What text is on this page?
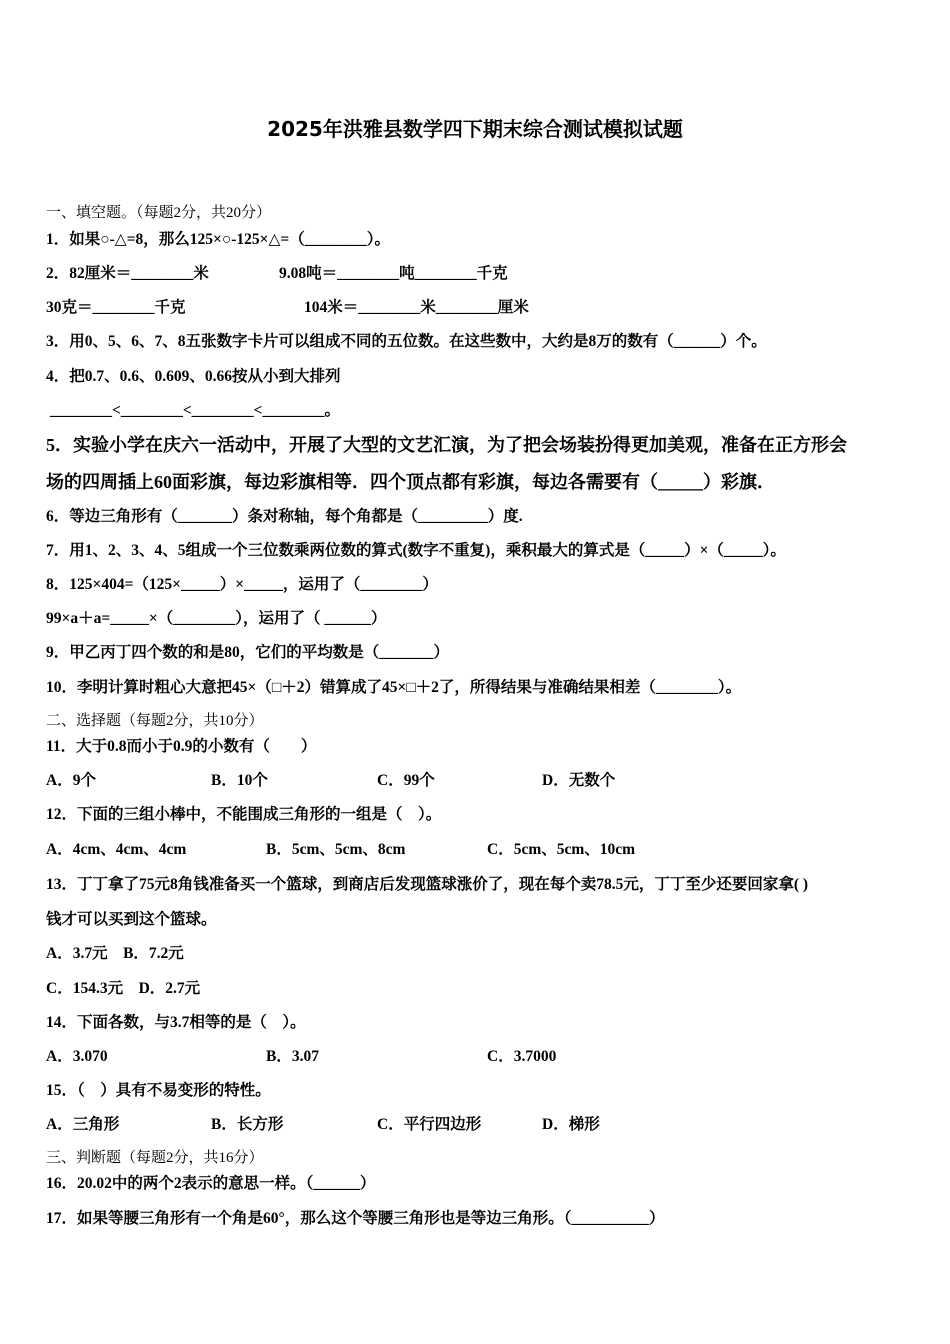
2025年洪雅县数学四下期末综合测试模拟试题
一、填空题。（每题2分，共20分）
1．如果○-△=8，那么125×○-125×△=（________）。
2．82厘米＝________米	9.08吨＝________吨________千克
30克＝________千克	104米＝________米________厘米
3．用0、5、6、7、8五张数字卡片可以组成不同的五位数。在这些数中，大约是8万的数有（______）个。
4．把0.7、0.6、0.609、0.66按从小到大排列
________<________<________<________。
5．实验小学在庆六一活动中，开展了大型的文艺汇演，为了把会场装扮得更加美观，准备在正方形会
场的四周插上60面彩旗，每边彩旗相等．四个顶点都有彩旗，每边各需要有（_____）彩旗．
6．等边三角形有（_______）条对称轴，每个角都是（_________）度.
7．用1、2、3、4、5组成一个三位数乘两位数的算式(数字不重复)，乘积最大的算式是（_____）×（_____）。
8．125×404=（125×_____）×_____，运用了（________）
99×a＋a=_____×（________），运用了（ ______）
9．甲乙丙丁四个数的和是80，它们的平均数是（_______）
10．李明计算时粗心大意把45×（□＋2）错算成了45×□＋2了，所得结果与准确结果相差（________）。
二、选择题（每题2分，共10分）
11．大于0.8而小于0.9的小数有（　　）
A．9个	B．10个	C．99个	D．无数个
12．下面的三组小棒中，不能围成三角形的一组是（　）。
A．4cm、4cm、4cm	B．5cm、5cm、8cm	C．5cm、5cm、10cm
13．丁丁拿了75元8角钱准备买一个篮球，到商店后发现篮球涨价了，现在每个卖78.5元，丁丁至少还要回家拿( )
钱才可以买到这个篮球。
A．3.7元　B．7.2元
C．154.3元　D．2.7元
14．下面各数，与3.7相等的是（　）。
A．3.070	B．3.07	C．3.7000
15．（　）具有不易变形的特性。
A．三角形	B．长方形	C．平行四边形	D．梯形
三、判断题（每题2分，共16分）
16．20.02中的两个2表示的意思一样。（______）
17．如果等腰三角形有一个角是60°，那么这个等腰三角形也是等边三角形。（__________）
